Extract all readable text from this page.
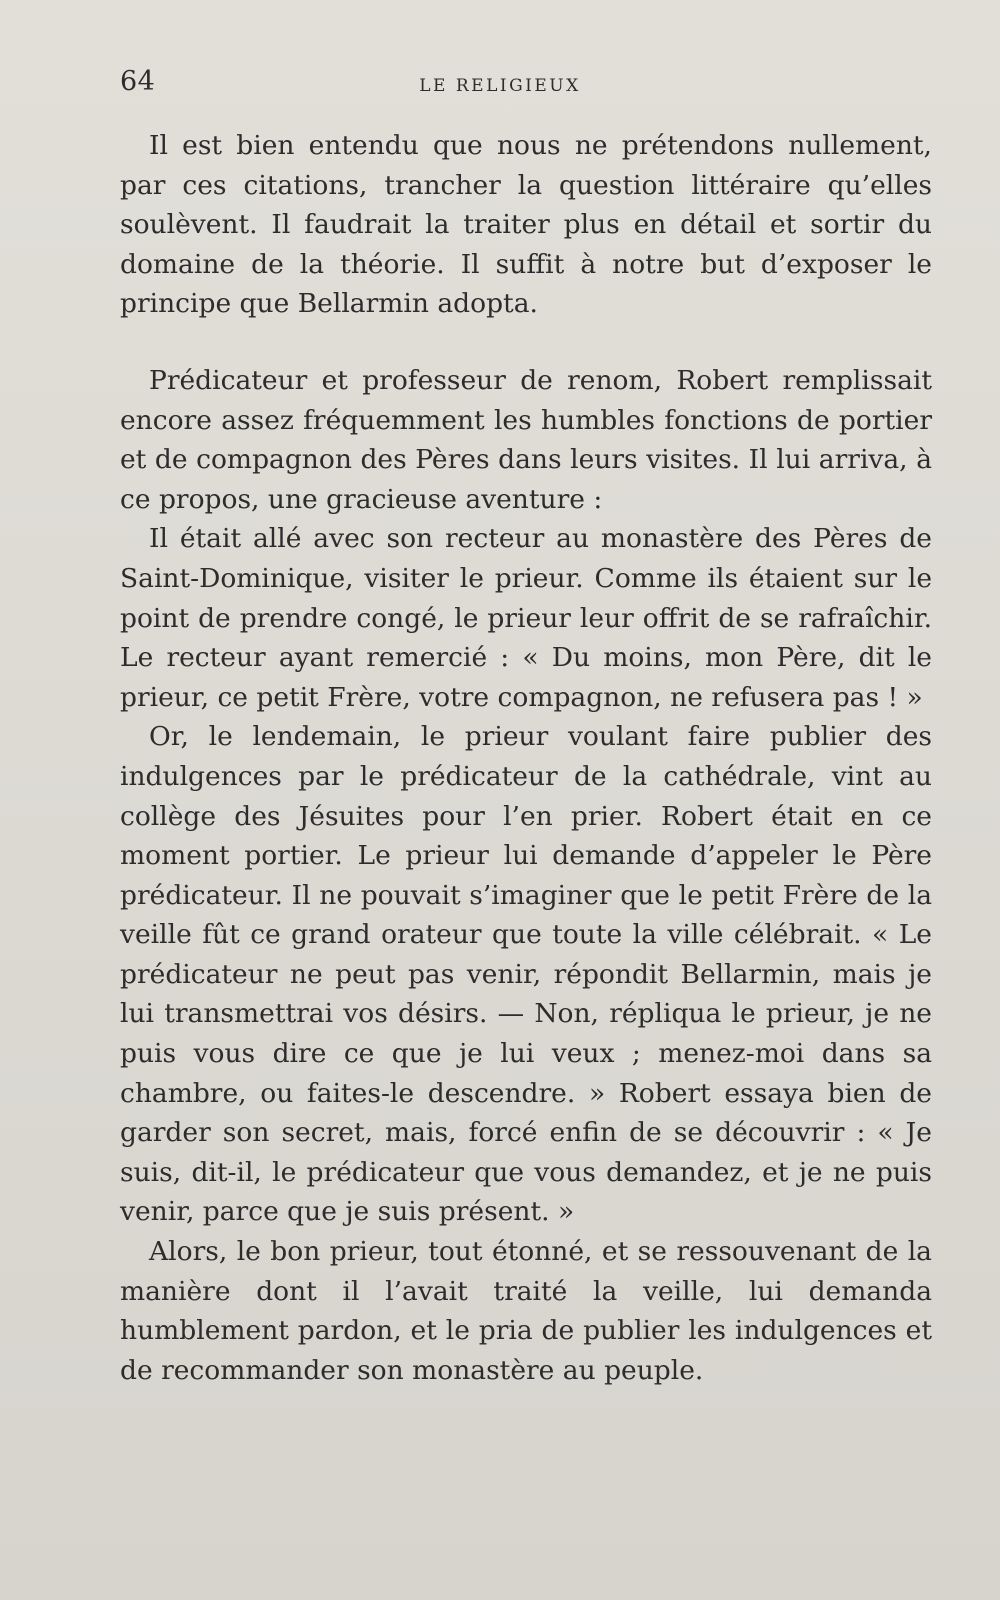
64	LE RELIGIEUX

Il est bien entendu que nous ne prétendons nullement, par ces citations, trancher la question littéraire qu’elles soulèvent. Il faudrait la traiter plus en détail et sortir du domaine de la théorie. Il suffit à notre but d’exposer le principe que Bellarmin adopta.

Prédicateur et professeur de renom, Robert remplissait encore assez fréquemment les humbles fonctions de portier et de compagnon des Pères dans leurs visites. Il lui arriva, à ce propos, une gracieuse aventure :

Il était allé avec son recteur au monastère des Pères de Saint-Dominique, visiter le prieur. Comme ils étaient sur le point de prendre congé, le prieur leur offrit de se rafraîchir. Le recteur ayant remercié : « Du moins, mon Père, dit le prieur, ce petit Frère, votre compagnon, ne refusera pas ! »

Or, le lendemain, le prieur voulant faire publier des indulgences par le prédicateur de la cathédrale, vint au collège des Jésuites pour l’en prier. Robert était en ce moment portier. Le prieur lui demande d’appeler le Père prédicateur. Il ne pouvait s’imaginer que le petit Frère de la veille fût ce grand orateur que toute la ville célébrait. « Le prédicateur ne peut pas venir, répondit Bellarmin, mais je lui transmettrai vos désirs. — Non, répliqua le prieur, je ne puis vous dire ce que je lui veux ; menez-moi dans sa chambre, ou faites-le descendre. » Robert essaya bien de garder son secret, mais, forcé enfin de se découvrir : « Je suis, dit-il, le prédicateur que vous demandez, et je ne puis venir, parce que je suis présent. »

Alors, le bon prieur, tout étonné, et se ressouvenant de la manière dont il l’avait traité la veille, lui demanda humblement pardon, et le pria de publier les indulgences et de recommander son monastère au peuple.
